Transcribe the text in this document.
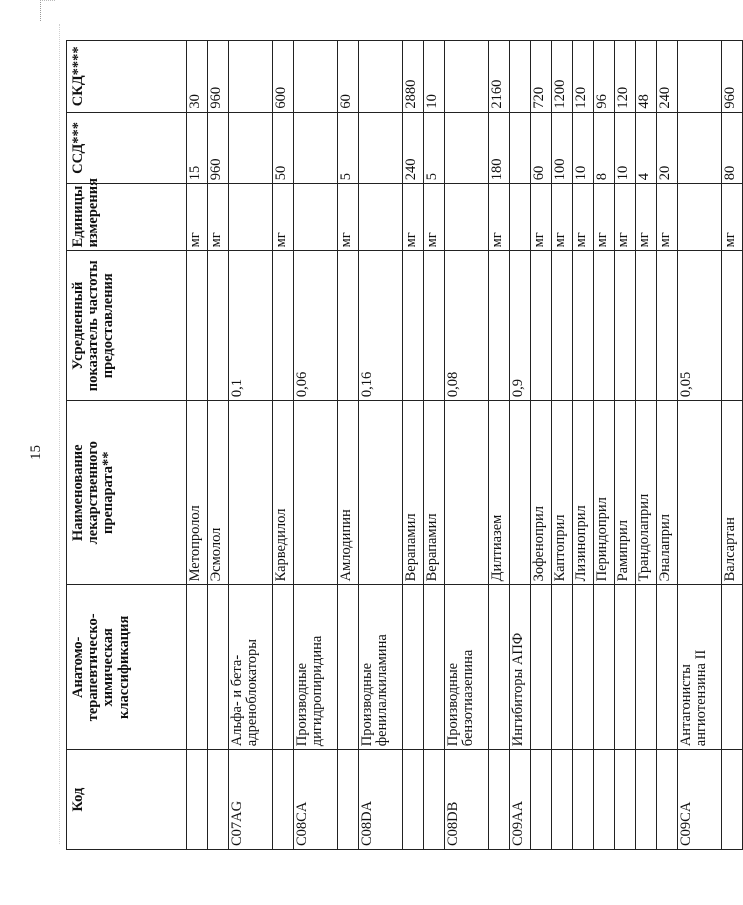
15
Код	Анатомо-терапевтическо-химическая классификация	Наименование лекарственного препарата**	Усредненный показатель частоты предоставления	Единицы измерения	ССД***	СКД****
		Метопролол		мг	15	30
		Эсмолол		мг	960	960
C07AG	Альфа- и бета-адреноблокаторы		0,1			
		Карведилол		мг	50	600
C08CA	Производные дигидропиридина		0,06			
		Амлодипин		мг	5	60
C08DA	Производные фенилалкиламина		0,16			
		Верапамил		мг	240	2880
		Верапамил		мг	5	10
C08DB	Производные бензотиазепина		0,08			
		Дилтиазем		мг	180	2160
C09AA	Ингибиторы АПФ		0,9			
		Зофеноприл		мг	60	720
		Каптоприл		мг	100	1200
		Лизиноприл		мг	10	120
		Периндоприл		мг	8	96
		Рамиприл		мг	10	120
		Трандолаприл		мг	4	48
		Эналаприл		мг	20	240
C09CA	Антагонисты ангиотензина II		0,05			
		Валсартан		мг	80	960
